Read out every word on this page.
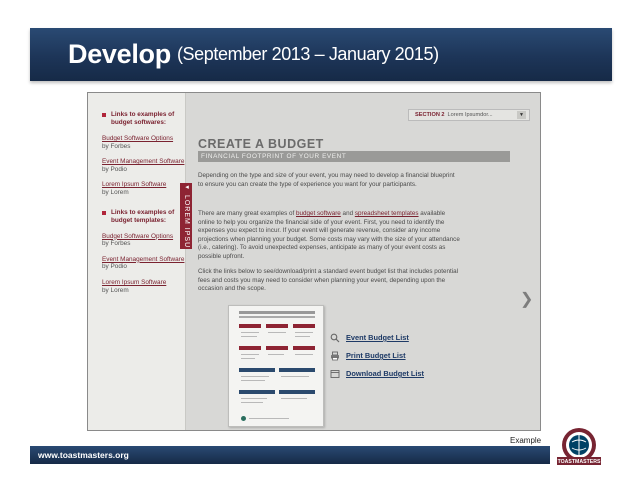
Develop (September 2013 – January 2015)
Links to examples of budget softwares:
Budget Software Options
by Forbes
Event Management Software
by Podio
Lorem Ipsum Software
by Lorem
Links to examples of budget templates:
Budget Software Options
by Forbes
Event Management Software
by Podio
Lorem Ipsum Software
by Lorem
◂ LOREM IPSU
SECTION 2 Lorem Ipsumdor...	▼
CREATE A BUDGET
FINANCIAL FOOTPRINT OF YOUR EVENT
Depending on the type and size of your event, you may need to develop a financial blueprint to ensure you can create the type of experience you want for your participants.
There are many great examples of budget software and spreadsheet templates available online to help you organize the financial side of your event. First, you need to identify the expenses you expect to incur. If your event will generate revenue, consider any income projections when planning your budget. Some costs may vary with the size of your attendance (i.e., catering). To avoid unexpected expenses, anticipate as many of your event costs as possible upfront.
Click the links below to see/download/print a standard event budget list that includes potential fees and costs you may need to consider when planning your event, depending upon the occasion and the scope.
Event Budget List
Print Budget List
Download Budget List
❯
Example
www.toastmasters.org
TOASTMASTERS
